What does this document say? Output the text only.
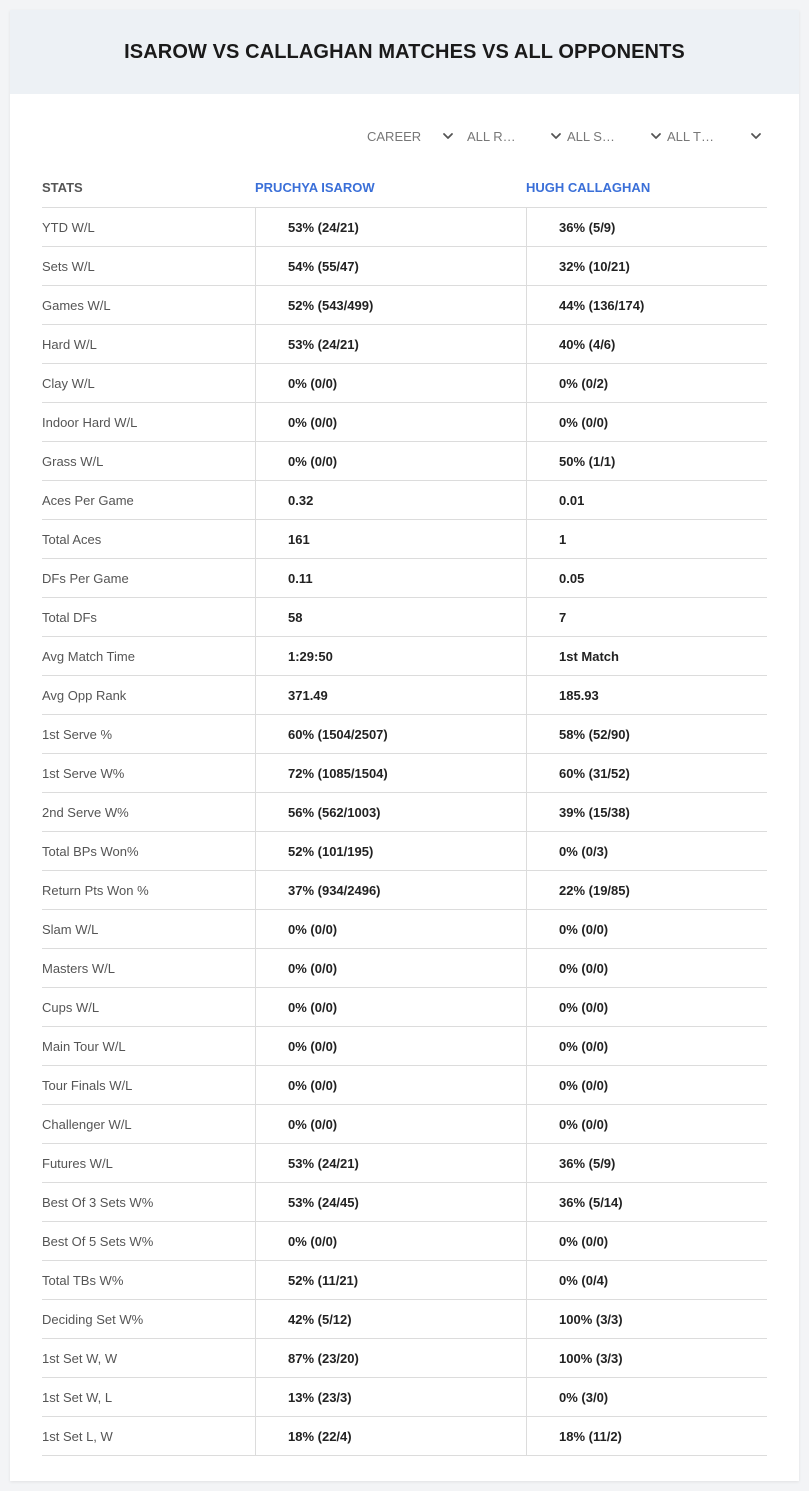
ISAROW VS CALLAGHAN MATCHES VS ALL OPPONENTS
CAREER	ALL R…	ALL S…	ALL T…
STATS	PRUCHYA ISAROW	HUGH CALLAGHAN
YTD W/L	53% (24/21)	36% (5/9)
Sets W/L	54% (55/47)	32% (10/21)
Games W/L	52% (543/499)	44% (136/174)
Hard W/L	53% (24/21)	40% (4/6)
Clay W/L	0% (0/0)	0% (0/2)
Indoor Hard W/L	0% (0/0)	0% (0/0)
Grass W/L	0% (0/0)	50% (1/1)
Aces Per Game	0.32	0.01
Total Aces	161	1
DFs Per Game	0.11	0.05
Total DFs	58	7
Avg Match Time	1:29:50	1st Match
Avg Opp Rank	371.49	185.93
1st Serve %	60% (1504/2507)	58% (52/90)
1st Serve W%	72% (1085/1504)	60% (31/52)
2nd Serve W%	56% (562/1003)	39% (15/38)
Total BPs Won%	52% (101/195)	0% (0/3)
Return Pts Won %	37% (934/2496)	22% (19/85)
Slam W/L	0% (0/0)	0% (0/0)
Masters W/L	0% (0/0)	0% (0/0)
Cups W/L	0% (0/0)	0% (0/0)
Main Tour W/L	0% (0/0)	0% (0/0)
Tour Finals W/L	0% (0/0)	0% (0/0)
Challenger W/L	0% (0/0)	0% (0/0)
Futures W/L	53% (24/21)	36% (5/9)
Best Of 3 Sets W%	53% (24/45)	36% (5/14)
Best Of 5 Sets W%	0% (0/0)	0% (0/0)
Total TBs W%	52% (11/21)	0% (0/4)
Deciding Set W%	42% (5/12)	100% (3/3)
1st Set W, W	87% (23/20)	100% (3/3)
1st Set W, L	13% (23/3)	0% (3/0)
1st Set L, W	18% (22/4)	18% (11/2)
